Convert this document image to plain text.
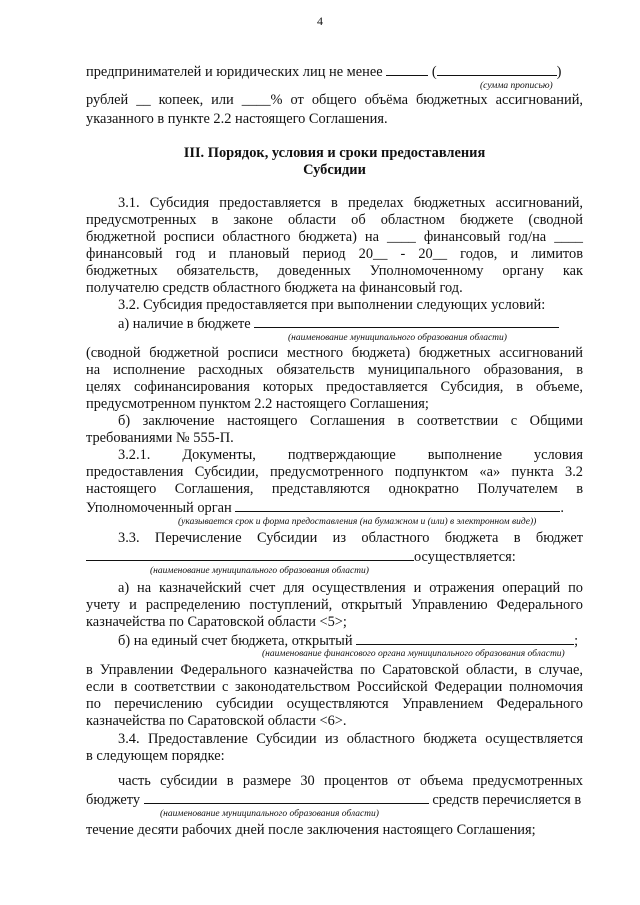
4
предпринимателей и юридических лиц не менее	(	)
(сумма прописью)
рублей __ копеек, или ____% от общего объёма бюджетных ассигнований,
указанного в пункте 2.2 настоящего Соглашения.
III. Порядок, условия и сроки предоставления
Субсидии
3.1. Субсидия предоставляется в пределах бюджетных ассигнований,
предусмотренных в законе области об областном бюджете (сводной
бюджетной росписи областного бюджета) на ____ финансовый год/на ____
финансовый год и плановый период 20__ - 20__ годов, и лимитов
бюджетных обязательств, доведенных Уполномоченному органу как
получателю средств областного бюджета на финансовый год.
3.2. Субсидия предоставляется при выполнении следующих условий:
а) наличие в бюджете
(наименование муниципального образования области)
(сводной бюджетной росписи местного бюджета) бюджетных ассигнований
на исполнение расходных обязательств муниципального образования, в
целях софинансирования которых предоставляется Субсидия, в объеме,
предусмотренном пунктом 2.2 настоящего Соглашения;
б) заключение настоящего Соглашения в соответствии с Общими
требованиями № 555-П.
3.2.1. Документы, подтверждающие выполнение условия
предоставления Субсидии, предусмотренного подпунктом «а» пункта 3.2
настоящего Соглашения, представляются однократно Получателем в
Уполномоченный орган	.
(указывается срок и форма предоставления (на бумажном и (или) в электронном виде))
3.3. Перечисление Субсидии из областного бюджета в бюджет
осуществляется:
(наименование муниципального образования области)
а) на казначейский счет для осуществления и отражения операций по
учету и распределению поступлений, открытый Управлению Федерального
казначейства по Саратовской области <5>;
б) на единый счет бюджета, открытый	;
(наименование финансового органа муниципального образования области)
в Управлении Федерального казначейства по Саратовской области, в случае,
если в соответствии с законодательством Российской Федерации полномочия
по перечислению субсидии осуществляются Управлением Федерального
казначейства по Саратовской области <6>.
3.4. Предоставление Субсидии из областного бюджета осуществляется
в следующем порядке:
часть субсидии в размере 30 процентов от объема предусмотренных
бюджету	средств перечисляется в
(наименование муниципального образования области)
течение десяти рабочих дней после заключения настоящего Соглашения;
